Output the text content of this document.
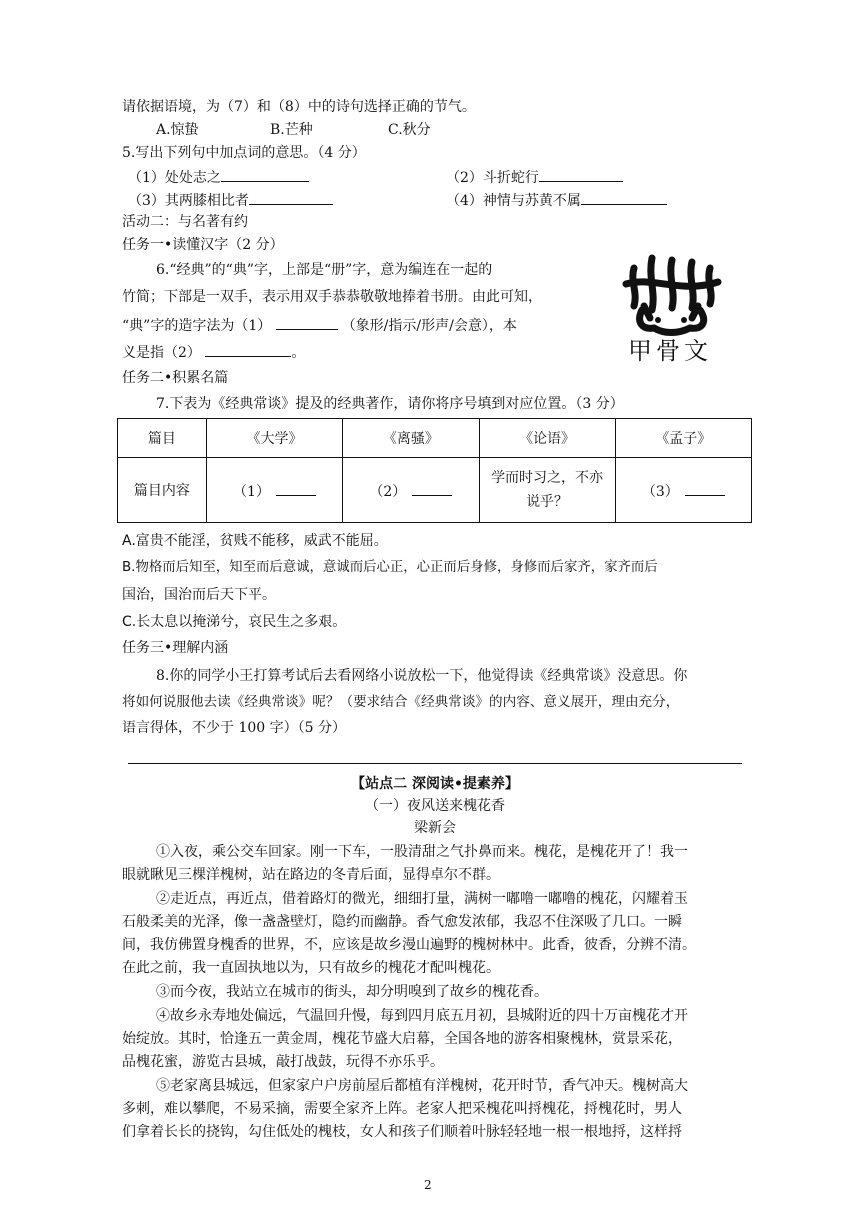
请依据语境，为（7）和（8）中的诗句选择正确的节气。
A.惊蛰	B.芒种	C.秋分
5.写出下列句中加点词的意思。（4 分）
（1）处处志之	（2）斗折蛇行
（3）其两膝相比者	（4）神情与苏黄不属
活动二：与名著有约
任务一•读懂汉字（2 分）
6.“经典”的“典”字，上部是“册”字，意为编连在一起的
竹简；下部是一双手，表示用双手恭恭敬敬地捧着书册。由此可知，
“典”字的造字法为（1）	（象形/指示/形声/会意），本
义是指（2）	。	甲骨文
任务二•积累名篇
7.下表为《经典常谈》提及的经典著作，请你将序号填到对应位置。（3 分）
篇目	《大学》	《离骚》	《论语》	《孟子》
篇目内容	（1）	（2）	学而时习之，不亦说乎？	（3）
A.富贵不能淫，贫贱不能移，威武不能屈。
B.物格而后知至，知至而后意诚，意诚而后心正，心正而后身修，身修而后家齐，家齐而后
国治，国治而后天下平。
C.长太息以掩涕兮，哀民生之多艰。
任务三•理解内涵
8.你的同学小王打算考试后去看网络小说放松一下，他觉得读《经典常谈》没意思。你
将如何说服他去读《经典常谈》呢？（要求结合《经典常谈》的内容、意义展开，理由充分，
语言得体，不少于 100 字）（5 分）
【站点二 深阅读•提素养】
（一）夜风送来槐花香
梁新会
①入夜，乘公交车回家。刚一下车，一股清甜之气扑鼻而来。槐花，是槐花开了！我一
眼就瞅见三棵洋槐树，站在路边的冬青后面，显得卓尔不群。
②走近点，再近点，借着路灯的微光，细细打量，满树一嘟噜一嘟噜的槐花，闪耀着玉
石般柔美的光泽，像一盏盏壁灯，隐约而幽静。香气愈发浓郁，我忍不住深吸了几口。一瞬
间，我仿佛置身槐香的世界，不，应该是故乡漫山遍野的槐树林中。此香，彼香，分辨不清。
在此之前，我一直固执地以为，只有故乡的槐花才配叫槐花。
③而今夜，我站立在城市的街头，却分明嗅到了故乡的槐花香。
④故乡永寿地处偏远，气温回升慢，每到四月底五月初，县城附近的四十万亩槐花才开
始绽放。其时，恰逢五一黄金周，槐花节盛大启幕，全国各地的游客相聚槐林，赏景采花，
品槐花蜜，游览古县城，敲打战鼓，玩得不亦乐乎。
⑤老家离县城远，但家家户户房前屋后都植有洋槐树，花开时节，香气冲天。槐树高大
多刺，难以攀爬，不易采摘，需要全家齐上阵。老家人把采槐花叫捋槐花，捋槐花时，男人
们拿着长长的挠钩，勾住低处的槐枝，女人和孩子们顺着叶脉轻轻地一根一根地捋，这样捋
2
